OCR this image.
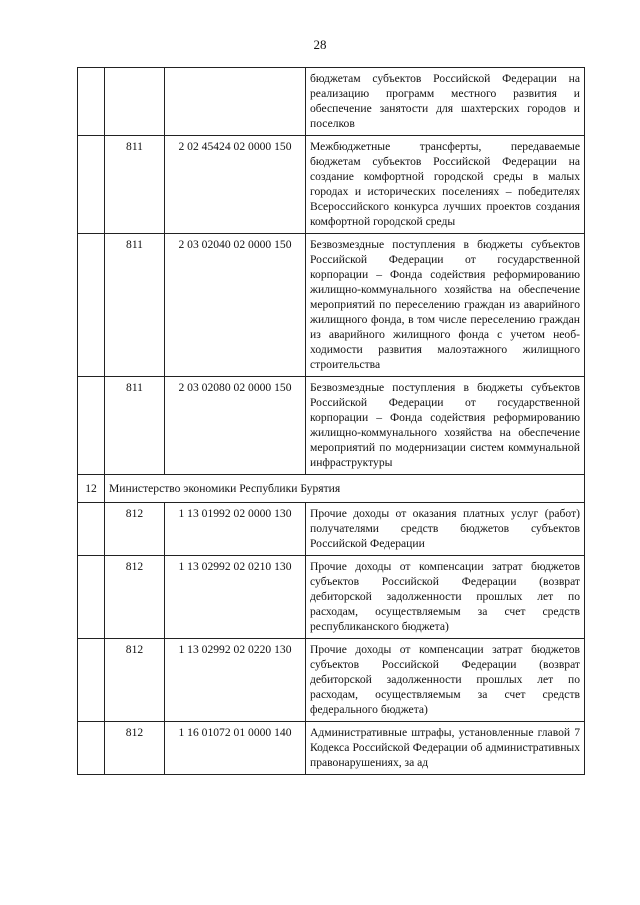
28
			бюджетам субъектов Российской Федерации на реализацию программ местного развития и обеспечение занятости для шахтерских городов и поселков
	811	2 02 45424 02 0000 150	Межбюджетные трансферты, передаваемые бюджетам субъектов Российской Федерации на создание комфортной городской среды в малых городах и исторических поселениях – победителях Всероссийского конкурса лучших проектов создания комфортной городской среды
	811	2 03 02040 02 0000 150	Безвозмездные поступления в бюджеты субъектов Российской Федерации от государственной корпорации – Фонда содействия реформированию жилищно-коммунального хозяйства на обеспечение мероприятий по переселению граждан из аварийного жилищного фонда, в том числе переселению граждан из аварийного жилищного фонда с учетом необходимости развития малоэтажного жилищного строительства
	811	2 03 02080 02 0000 150	Безвозмездные поступления в бюджеты субъектов Российской Федерации от государственной корпорации – Фонда содействия реформированию жилищно-коммунального хозяйства на обеспечение мероприятий по модернизации систем коммунальной инфраструктуры
12	Министерство экономики Республики Бурятия		
	812	1 13 01992 02 0000 130	Прочие доходы от оказания платных услуг (работ) получателями средств бюджетов субъектов Российской Федерации
	812	1 13 02992 02 0210 130	Прочие доходы от компенсации затрат бюджетов субъектов Российской Федерации (возврат дебиторской задолженности прошлых лет по расходам, осуществляемым за счет средств республиканского бюджета)
	812	1 13 02992 02 0220 130	Прочие доходы от компенсации затрат бюджетов субъектов Российской Федерации (возврат дебиторской задолженности прошлых лет по расходам, осуществляемым за счет средств федерального бюджета)
	812	1 16 01072 01 0000 140	Административные штрафы, установленные главой 7 Кодекса Российской Федерации об административных правонарушениях, за ад
